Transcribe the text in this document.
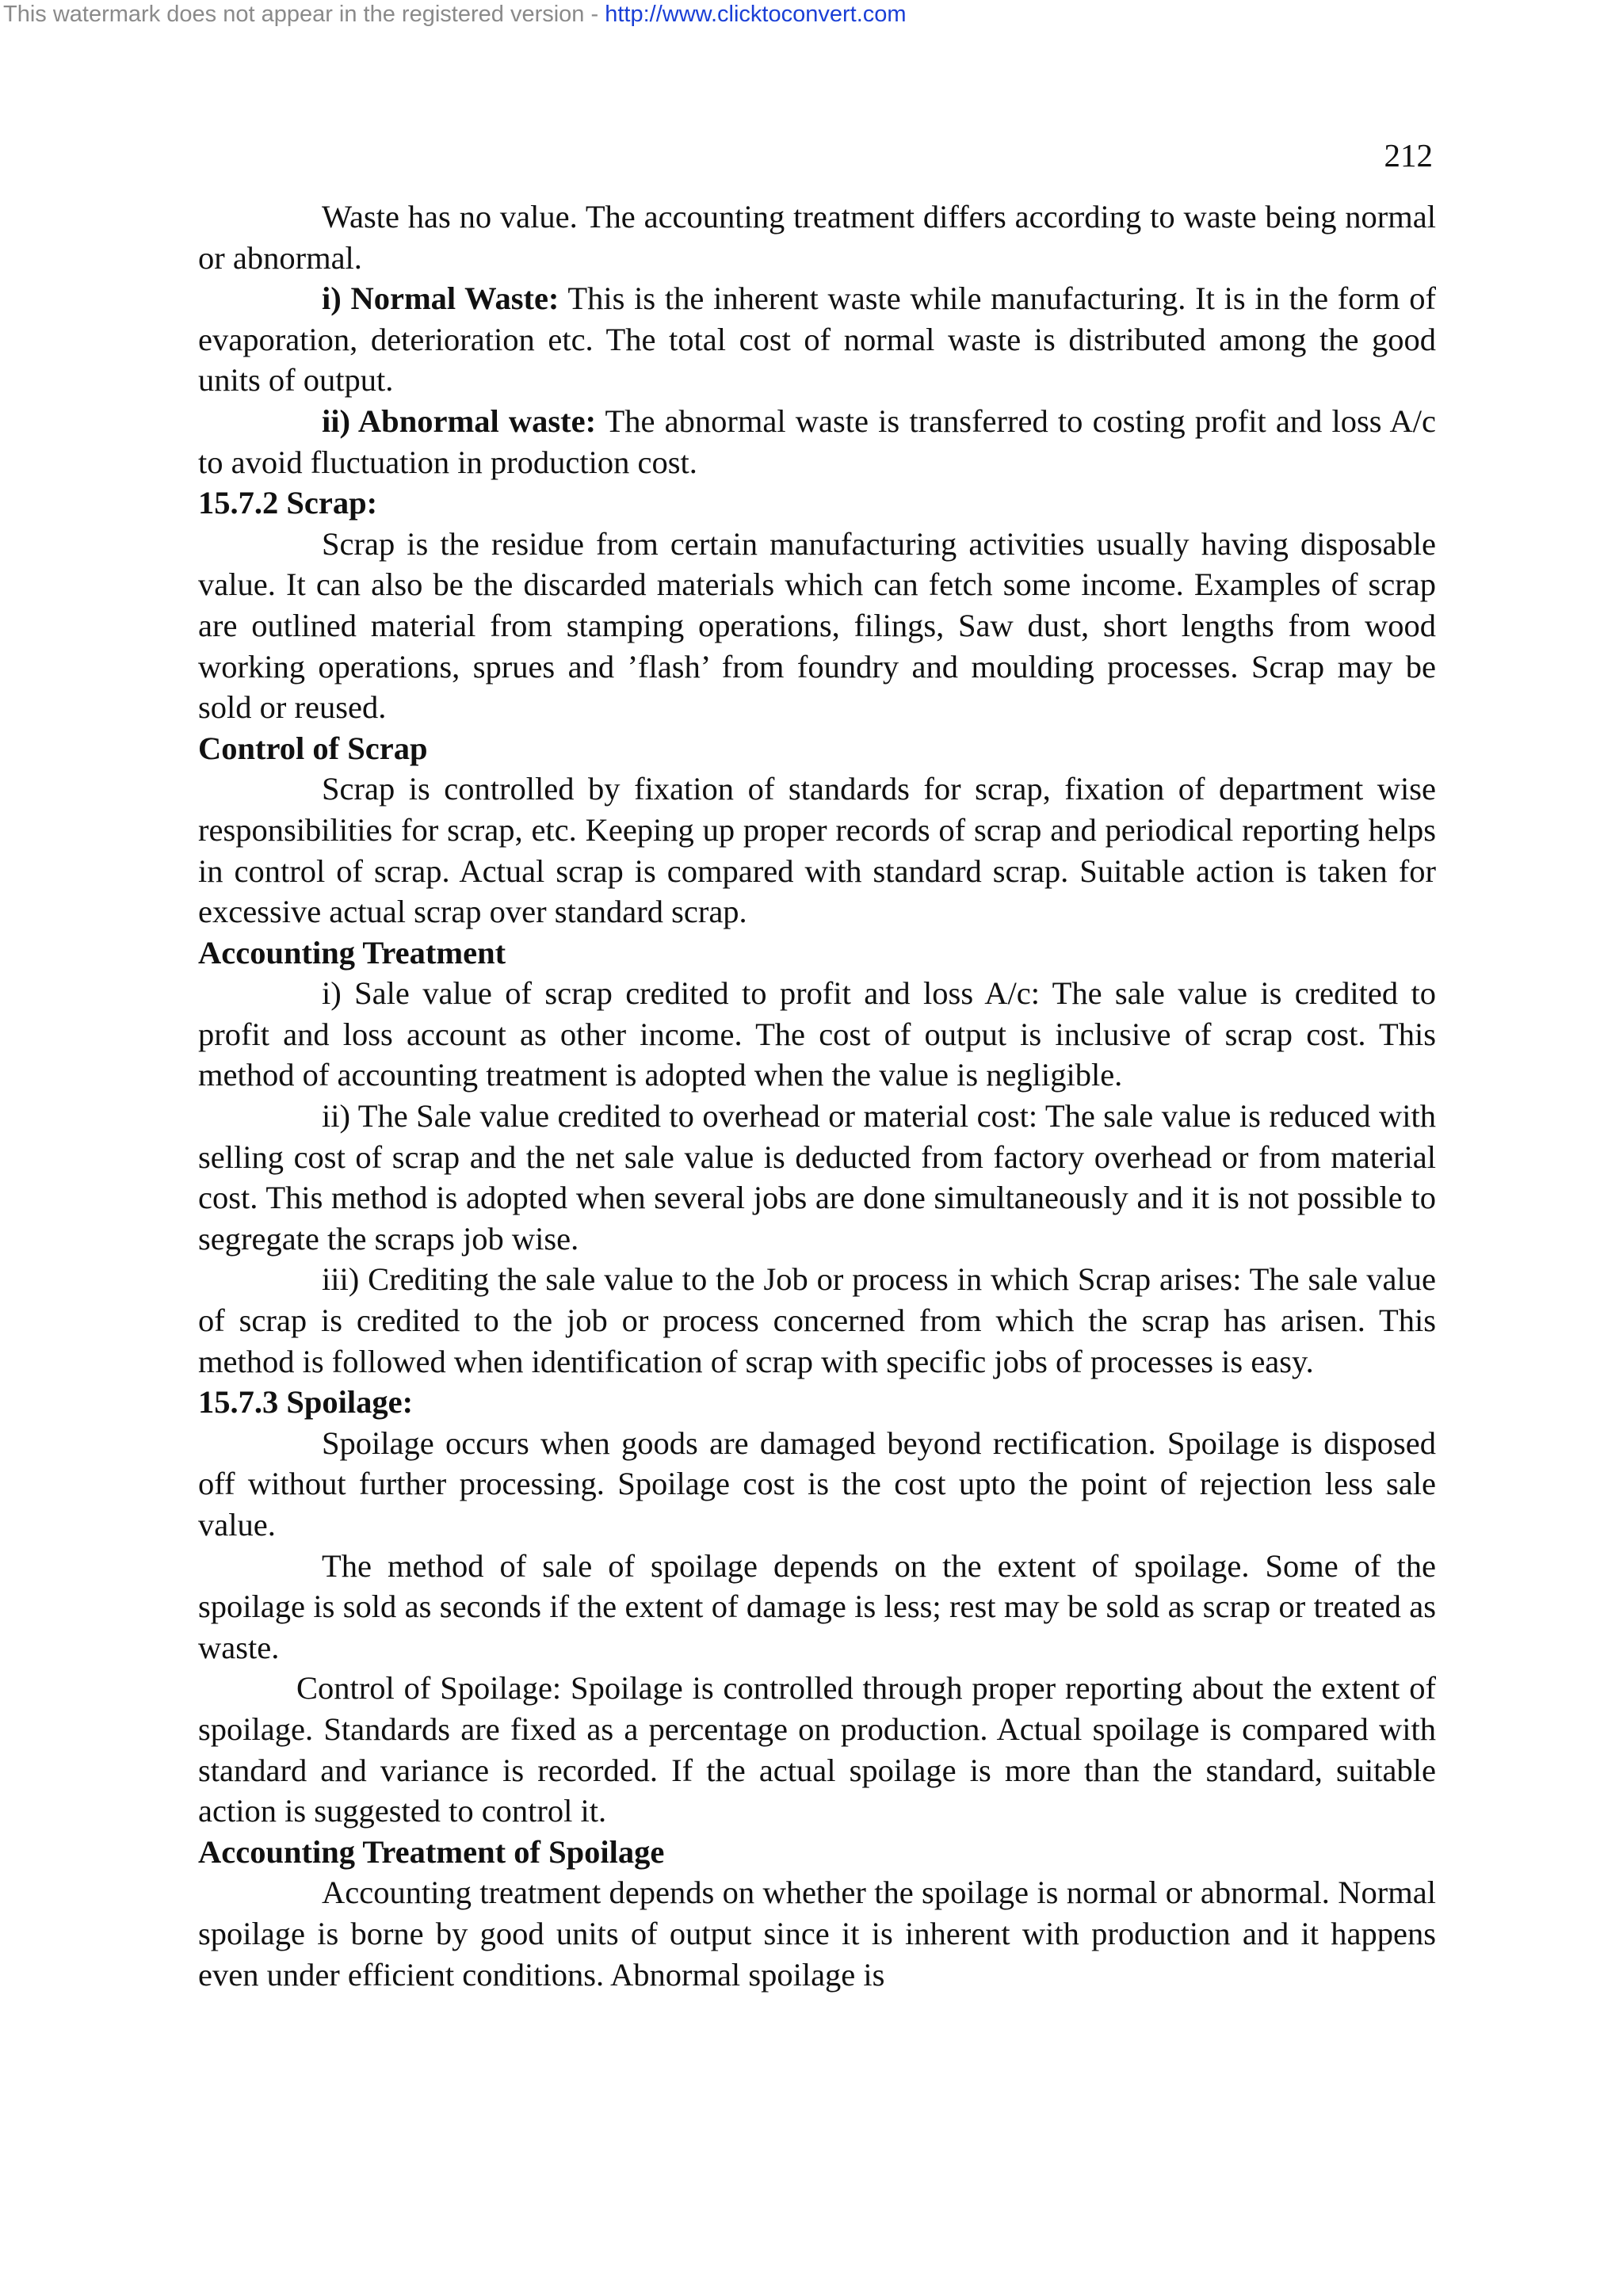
This watermark does not appear in the registered version - http://www.clicktoconvert.com
212

Waste has no value. The accounting treatment differs according to waste being normal or abnormal.

i) Normal Waste: This is the inherent waste while manufacturing. It is in the form of evaporation, deterioration etc. The total cost of normal waste is distributed among the good units of output.

ii) Abnormal waste: The abnormal waste is transferred to costing profit and loss A/c to avoid fluctuation in production cost.

15.7.2 Scrap:

Scrap is the residue from certain manufacturing activities usually having disposable value. It can also be the discarded materials which can fetch some income. Examples of scrap are outlined material from stamping operations, filings, Saw dust, short lengths from wood working operations, sprues and ’flash’ from foundry and moulding processes. Scrap may be sold or reused.

Control of Scrap

Scrap is controlled by fixation of standards for scrap, fixation of department wise responsibilities for scrap, etc. Keeping up proper records of scrap and periodical reporting helps in control of scrap. Actual scrap is compared with standard scrap. Suitable action is taken for excessive actual scrap over standard scrap.

Accounting Treatment

i) Sale value of scrap credited to profit and loss A/c: The sale value is credited to profit and loss account as other income. The cost of output is inclusive of scrap cost. This method of accounting treatment is adopted when the value is negligible.

ii) The Sale value credited to overhead or material cost: The sale value is reduced with selling cost of scrap and the net sale value is deducted from factory overhead or from material cost. This method is adopted when several jobs are done simultaneously and it is not possible to segregate the scraps job wise.

iii) Crediting the sale value to the Job or process in which Scrap arises: The sale value of scrap is credited to the job or process concerned from which the scrap has arisen. This method is followed when identification of scrap with specific jobs of processes is easy.

15.7.3 Spoilage:

Spoilage occurs when goods are damaged beyond rectification. Spoilage is disposed off without further processing. Spoilage cost is the cost upto the point of rejection less sale value.

The method of sale of spoilage depends on the extent of spoilage. Some of the spoilage is sold as seconds if the extent of damage is less; rest may be sold as scrap or treated as waste.

Control of Spoilage: Spoilage is controlled through proper reporting about the extent of spoilage. Standards are fixed as a percentage on production. Actual spoilage is compared with standard and variance is recorded. If the actual spoilage is more than the standard, suitable action is suggested to control it.

Accounting Treatment of Spoilage

Accounting treatment depends on whether the spoilage is normal or abnormal. Normal spoilage is borne by good units of output since it is inherent with production and it happens even under efficient conditions. Abnormal spoilage is
